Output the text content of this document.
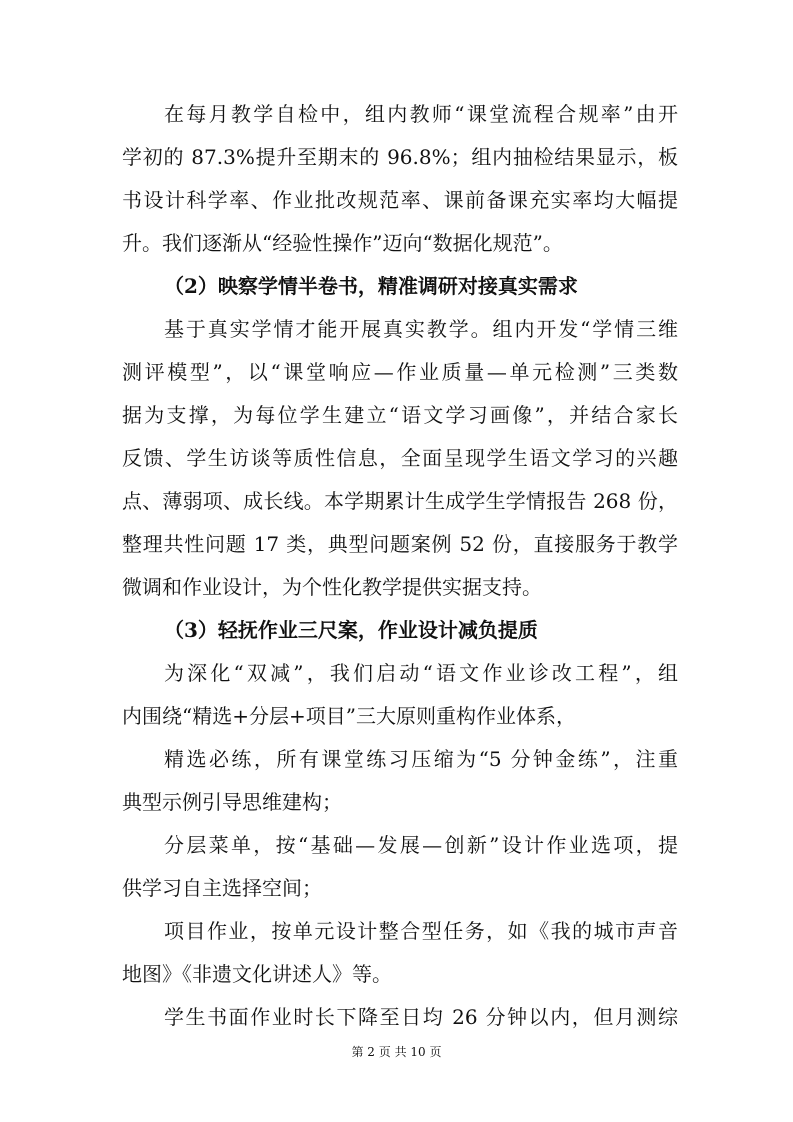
在每月教学自检中，组内教师“课堂流程合规率”由开
学初的 87.3%提升至期末的 96.8%；组内抽检结果显示，板
书设计科学率、作业批改规范率、课前备课充实率均大幅提
升。我们逐渐从“经验性操作”迈向“数据化规范”。
（2）映察学情半卷书，精准调研对接真实需求
基于真实学情才能开展真实教学。组内开发“学情三维
测评模型”，以“课堂响应—作业质量—单元检测”三类数
据为支撑，为每位学生建立“语文学习画像”，并结合家长
反馈、学生访谈等质性信息，全面呈现学生语文学习的兴趣
点、薄弱项、成长线。本学期累计生成学生学情报告 268 份，
整理共性问题 17 类，典型问题案例 52 份，直接服务于教学
微调和作业设计，为个性化教学提供实据支持。
（3）轻抚作业三尺案，作业设计减负提质
为深化“双减”，我们启动“语文作业诊改工程”，组
内围绕“精选+分层+项目”三大原则重构作业体系，
精选必练，所有课堂练习压缩为“5 分钟金练”，注重
典型示例引导思维建构；
分层菜单，按“基础—发展—创新”设计作业选项，提
供学习自主选择空间；
项目作业，按单元设计整合型任务，如《我的城市声音
地图》《非遗文化讲述人》等。
学生书面作业时长下降至日均 26 分钟以内，但月测综
第 2 页 共 10 页
